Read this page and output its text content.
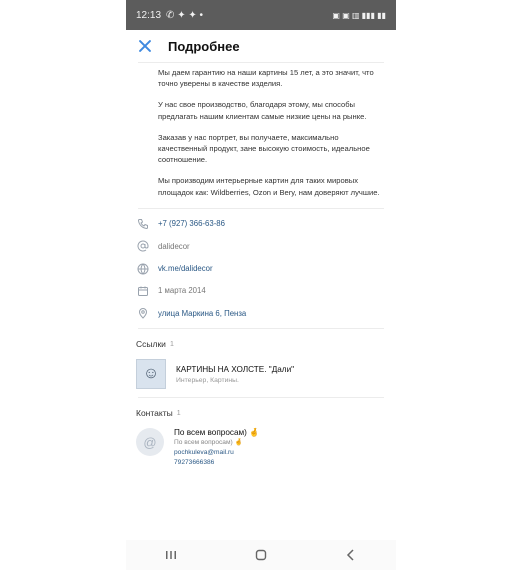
12:13 ✆ ✦ ✦ •	▣ ▣ ▥ ▮▮▮ ▮▮
Подробнее

Мы даем гарантию на наши картины 15 лет, а это значит, что точно уверены в качестве изделия.

У нас свое производство, благодаря этому, мы способы предлагать нашим клиентам самые низкие цены на рынке.

Заказав у нас портрет, вы получаете, максимально качественный продукт, зане высокую стоимость, идеальное соотношение.

Мы производим интерьерные картин для таких мировых площадок как: Wildberries, Ozon и Bery, нам доверяют лучшие.

+7 (927) 366-63-86
dalidecor
vk.me/dalidecor
1 марта 2014
улица Маркина 6, Пенза
Ссылки 1
☺	КАРТИНЫ НА ХОЛСТЕ. "Дали"
Интерьер, Картины.
Контакты 1
@
По всем вопросам) 🤞
По всем вопросам) 🤞
pochkuleva@mail.ru
79273666386
